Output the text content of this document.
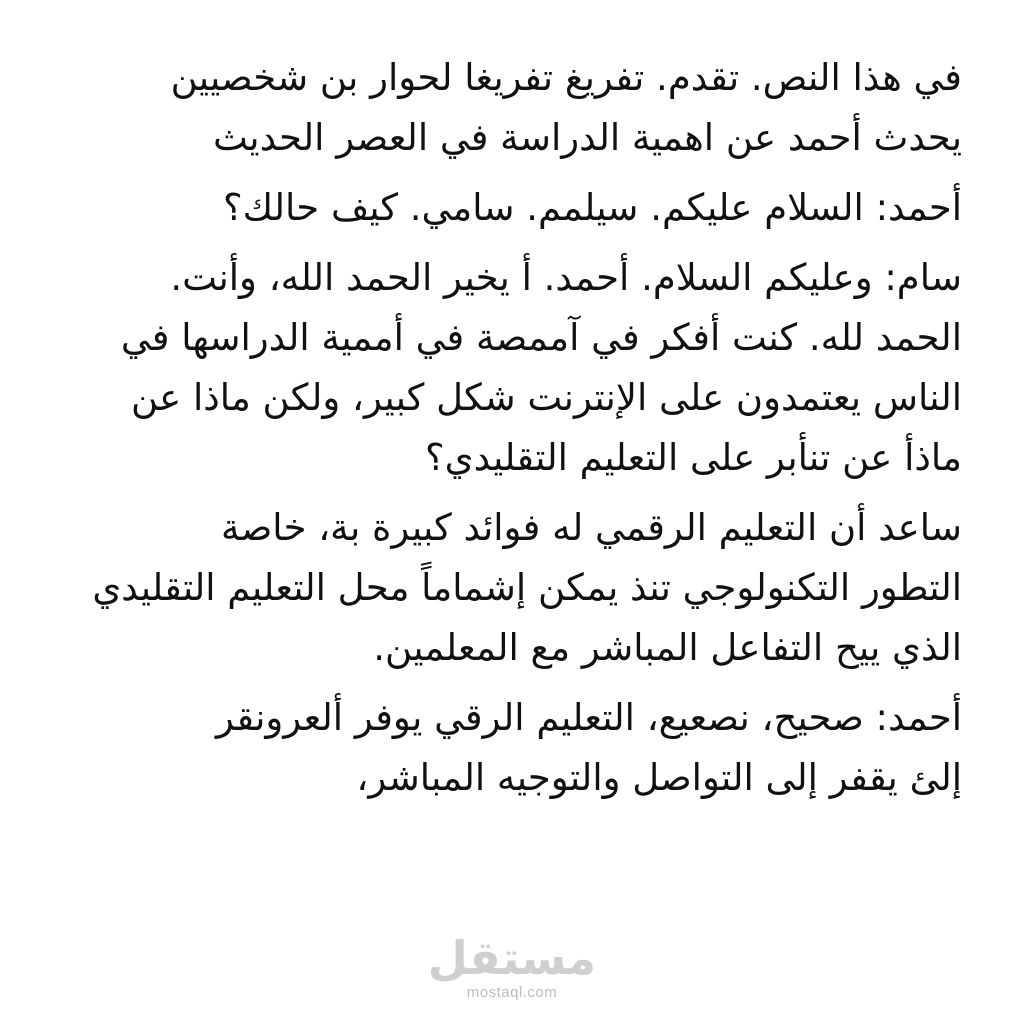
في هذا النص. تقدم. تفريغ تفريغا لحوار بن شخصيين
يحدث أحمد عن اهمية الدراسة في العصر الحديث
أحمد: السلام عليكم. سيلمم. سامي. كيف حالك؟
سام: وعليكم السلام. أحمد. أ يخير الحمد الله، وأنت.
الحمد لله. كنت أفكر في آممصة في أممية الدراسها في
الناس يعتمدون على الإنترنت شكل كبير، ولكن ماذا عن
ماذأ عن تنأبر على التعليم التقليدي؟
ساعد أن التعليم الرقمي له فوائد كبيرة بة، خاصة
التطور التكنولوجي تنذ يمكن إشماماً محل التعليم التقليدي
الذي ييح التفاعل المباشر مع المعلمين.
أحمد: صحيح، نصعيع، التعليم الرقي يوفر ألعرونقر
إلئ يقفر إلى التواصل والتوجيه المباشر،
مستقل
mostaql.com
